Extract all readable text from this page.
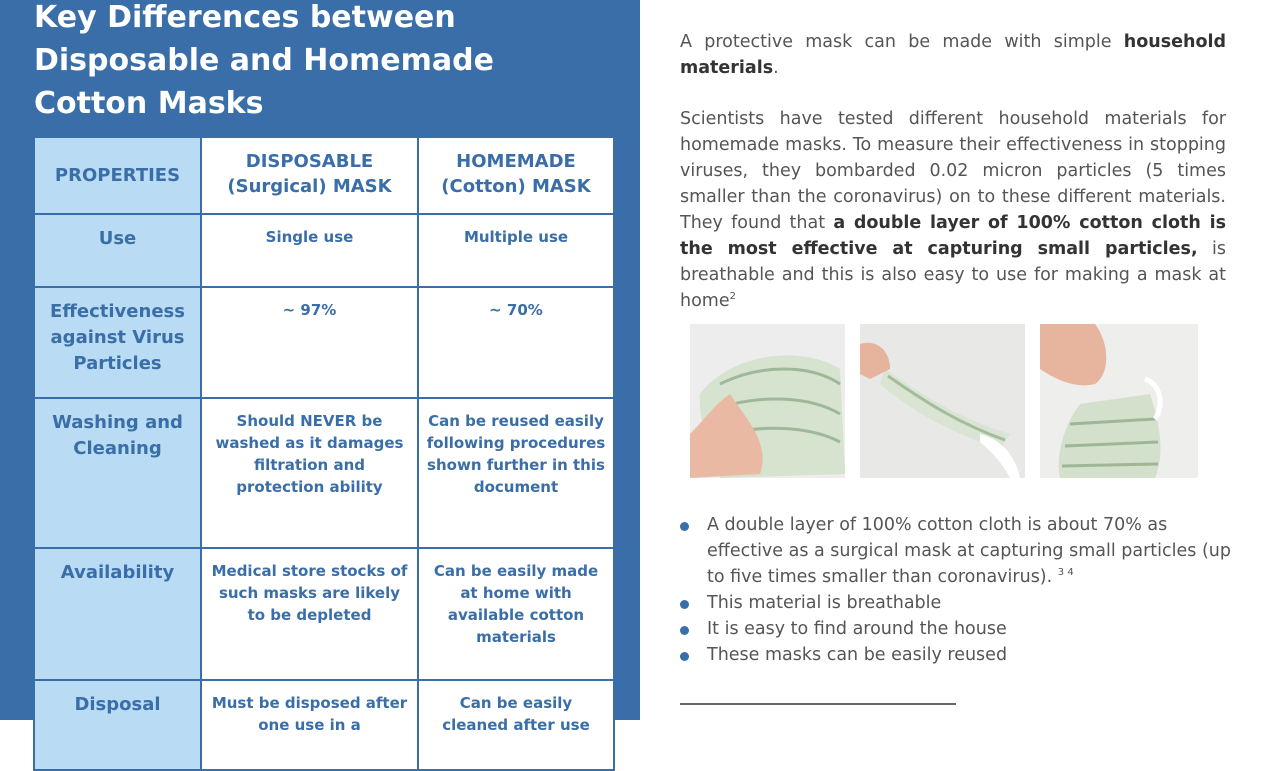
Key Differences between Disposable and Homemade Cotton Masks
PROPERTIES	DISPOSABLE (Surgical) MASK	HOMEMADE (Cotton) MASK
Use	Single use	Multiple use
Effectiveness against Virus Particles	~ 97%	~ 70%
Washing and Cleaning	Should NEVER be washed as it damages filtration and protection ability	Can be reused easily following procedures shown further in this document
Availability	Medical store stocks of such masks are likely to be depleted	Can be easily made at home with available cotton materials
Disposal	Must be disposed after one use in a	Can be easily cleaned after use

A protective mask can be made with simple household materials.

Scientists have tested different household materials for homemade masks. To measure their effectiveness in stopping viruses, they bombarded 0.02 micron particles (5 times smaller than the coronavirus) on to these different materials. They found that a double layer of 100% cotton cloth is the most effective at capturing small particles, is breathable and this is also easy to use for making a mask at home$^2$

A double layer of 100% cotton cloth is about 70% as effective as a surgical mask at capturing small particles (up to five times smaller than coronavirus). $^{3 4}$
This material is breathable
It is easy to find around the house
These masks can be easily reused
